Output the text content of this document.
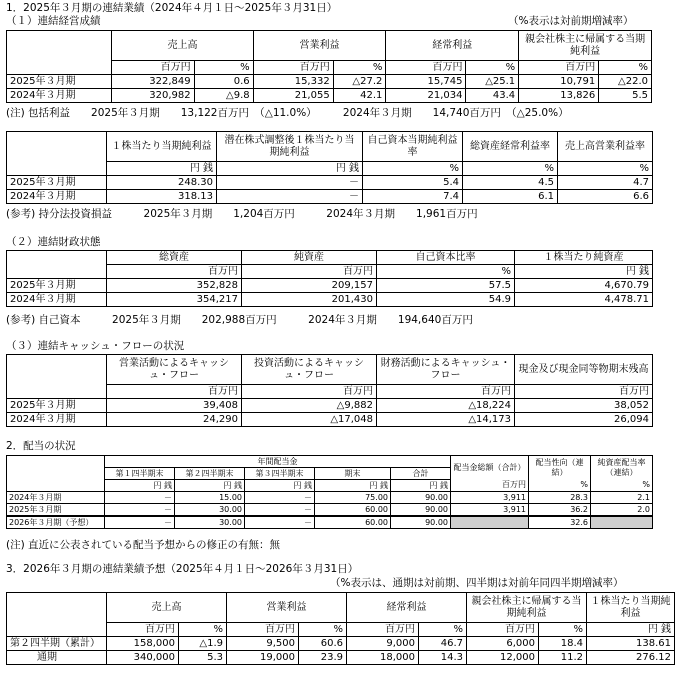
1．2025年３月期の連結業績（2024年４月１日～2025年３月31日）
（１）連結経営成績	（%表示は対前期増減率）
	売上高		営業利益		経常利益		親会社株主に帰属する当期純利益	
	百万円	%	百万円	%	百万円	%	百万円	%
2025年３月期	322,849	0.6	15,332	△27.2	15,745	△25.1	10,791	△22.0
2024年３月期	320,982	△9.8	21,055	42.1	21,034	43.4	13,826	5.5
(注) 包括利益　　2025年３月期　　13,122百万円　（△11.0%）　　　2024年３月期　　14,740百万円　（△25.0%）
	１株当たり当期純利益	潜在株式調整後１株当たり当期純利益	自己資本当期純利益率	総資産経常利益率	売上高営業利益率
	円 銭	円 銭	%	%	%
2025年３月期	248.30	－	5.4	4.5	4.7
2024年３月期	318.13	－	7.4	6.1	6.6
(参考) 持分法投資損益　　　2025年３月期　　1,204百万円　　　2024年３月期　　1,961百万円
（２）連結財政状態
	総資産	純資産	自己資本比率	１株当たり純資産
	百万円	百万円	%	円 銭
2025年３月期	352,828	209,157	57.5	4,670.79
2024年３月期	354,217	201,430	54.9	4,478.71
(参考) 自己資本　　　2025年３月期　　202,988百万円　　　2024年３月期　　194,640百万円
（３）連結キャッシュ・フローの状況
	営業活動によるキャッシュ・フロー	投資活動によるキャッシュ・フロー	財務活動によるキャッシュ・フロー	現金及び現金同等物期末残高
	百万円	百万円	百万円	百万円
2025年３月期	39,408	△9,882	△18,224	38,052
2024年３月期	24,290	△17,048	△14,173	26,094
2．配当の状況
	年間配当金					配当金総額（合計）	配当性向（連結）	純資産配当率（連結）
	第１四半期末	第２四半期末	第３四半期末	期末	合計			
	円 銭	円 銭	円 銭	円 銭	円 銭	百万円	%	%
2024年３月期	－	15.00	－	75.00	90.00	3,911	28.3	2.1
2025年３月期	－	30.00	－	60.00	90.00	3,911	36.2	2.0
2026年３月期（予想）	－	30.00	－	60.00	90.00		32.6	
(注) 直近に公表されている配当予想からの修正の有無：無
3．2026年３月期の連結業績予想（2025年４月１日～2026年３月31日）
（%表示は、通期は対前期、四半期は対前年同四半期増減率）
	売上高		営業利益		経常利益		親会社株主に帰属する当期純利益		１株当たり当期純利益
	百万円	%	百万円	%	百万円	%	百万円	%	円 銭
第２四半期（累計）	158,000	△1.9	9,500	60.6	9,000	46.7	6,000	18.4	138.61
通期	340,000	5.3	19,000	23.9	18,000	14.3	12,000	11.2	276.12
